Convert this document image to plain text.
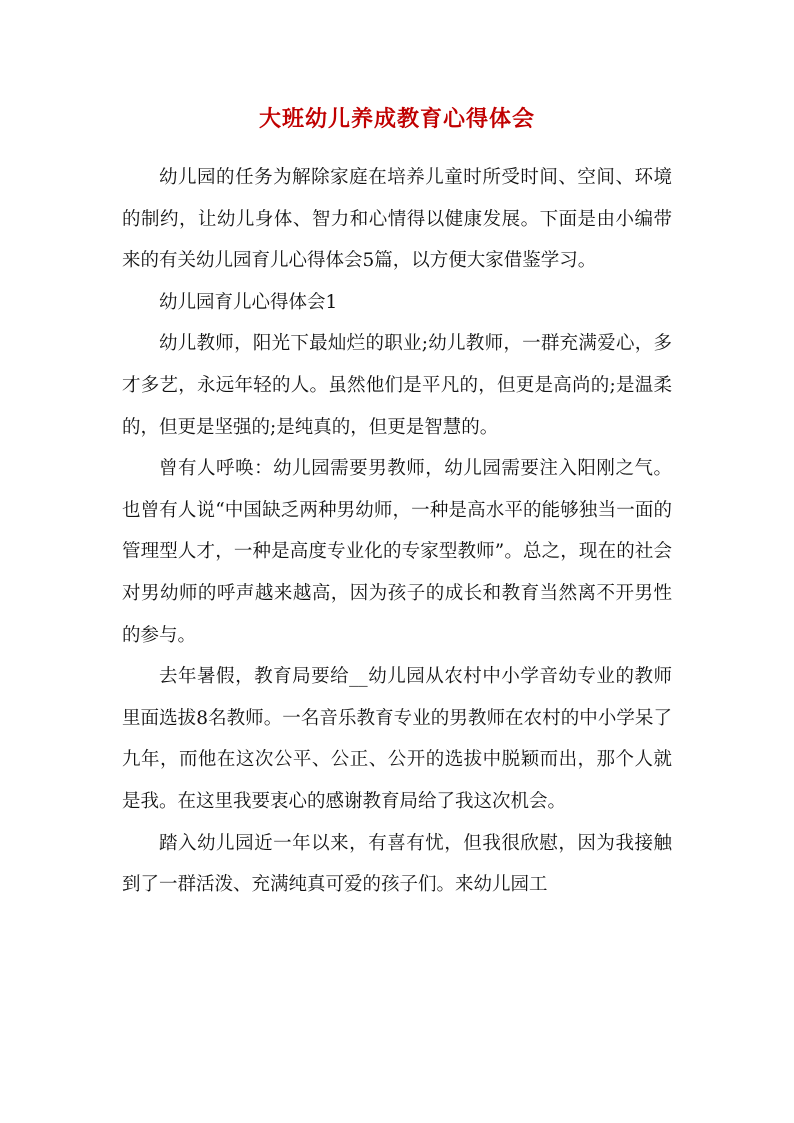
大班幼儿养成教育心得体会

幼儿园的任务为解除家庭在培养儿童时所受时间、空间、环境的制约，让幼儿身体、智力和心情得以健康发展。下面是由小编带来的有关幼儿园育儿心得体会5篇，以方便大家借鉴学习。

幼儿园育儿心得体会1

幼儿教师，阳光下最灿烂的职业;幼儿教师，一群充满爱心，多才多艺，永远年轻的人。虽然他们是平凡的，但更是高尚的;是温柔的，但更是坚强的;是纯真的，但更是智慧的。

曾有人呼唤：幼儿园需要男教师，幼儿园需要注入阳刚之气。也曾有人说“中国缺乏两种男幼师，一种是高水平的能够独当一面的管理型人才，一种是高度专业化的专家型教师”。总之，现在的社会对男幼师的呼声越来越高，因为孩子的成长和教育当然离不开男性的参与。

去年暑假，教育局要给__幼儿园从农村中小学音幼专业的教师里面选拔8名教师。一名音乐教育专业的男教师在农村的中小学呆了九年，而他在这次公平、公正、公开的选拔中脱颖而出，那个人就是我。在这里我要衷心的感谢教育局给了我这次机会。

踏入幼儿园近一年以来，有喜有忧，但我很欣慰，因为我接触到了一群活泼、充满纯真可爱的孩子们。来幼儿园工
